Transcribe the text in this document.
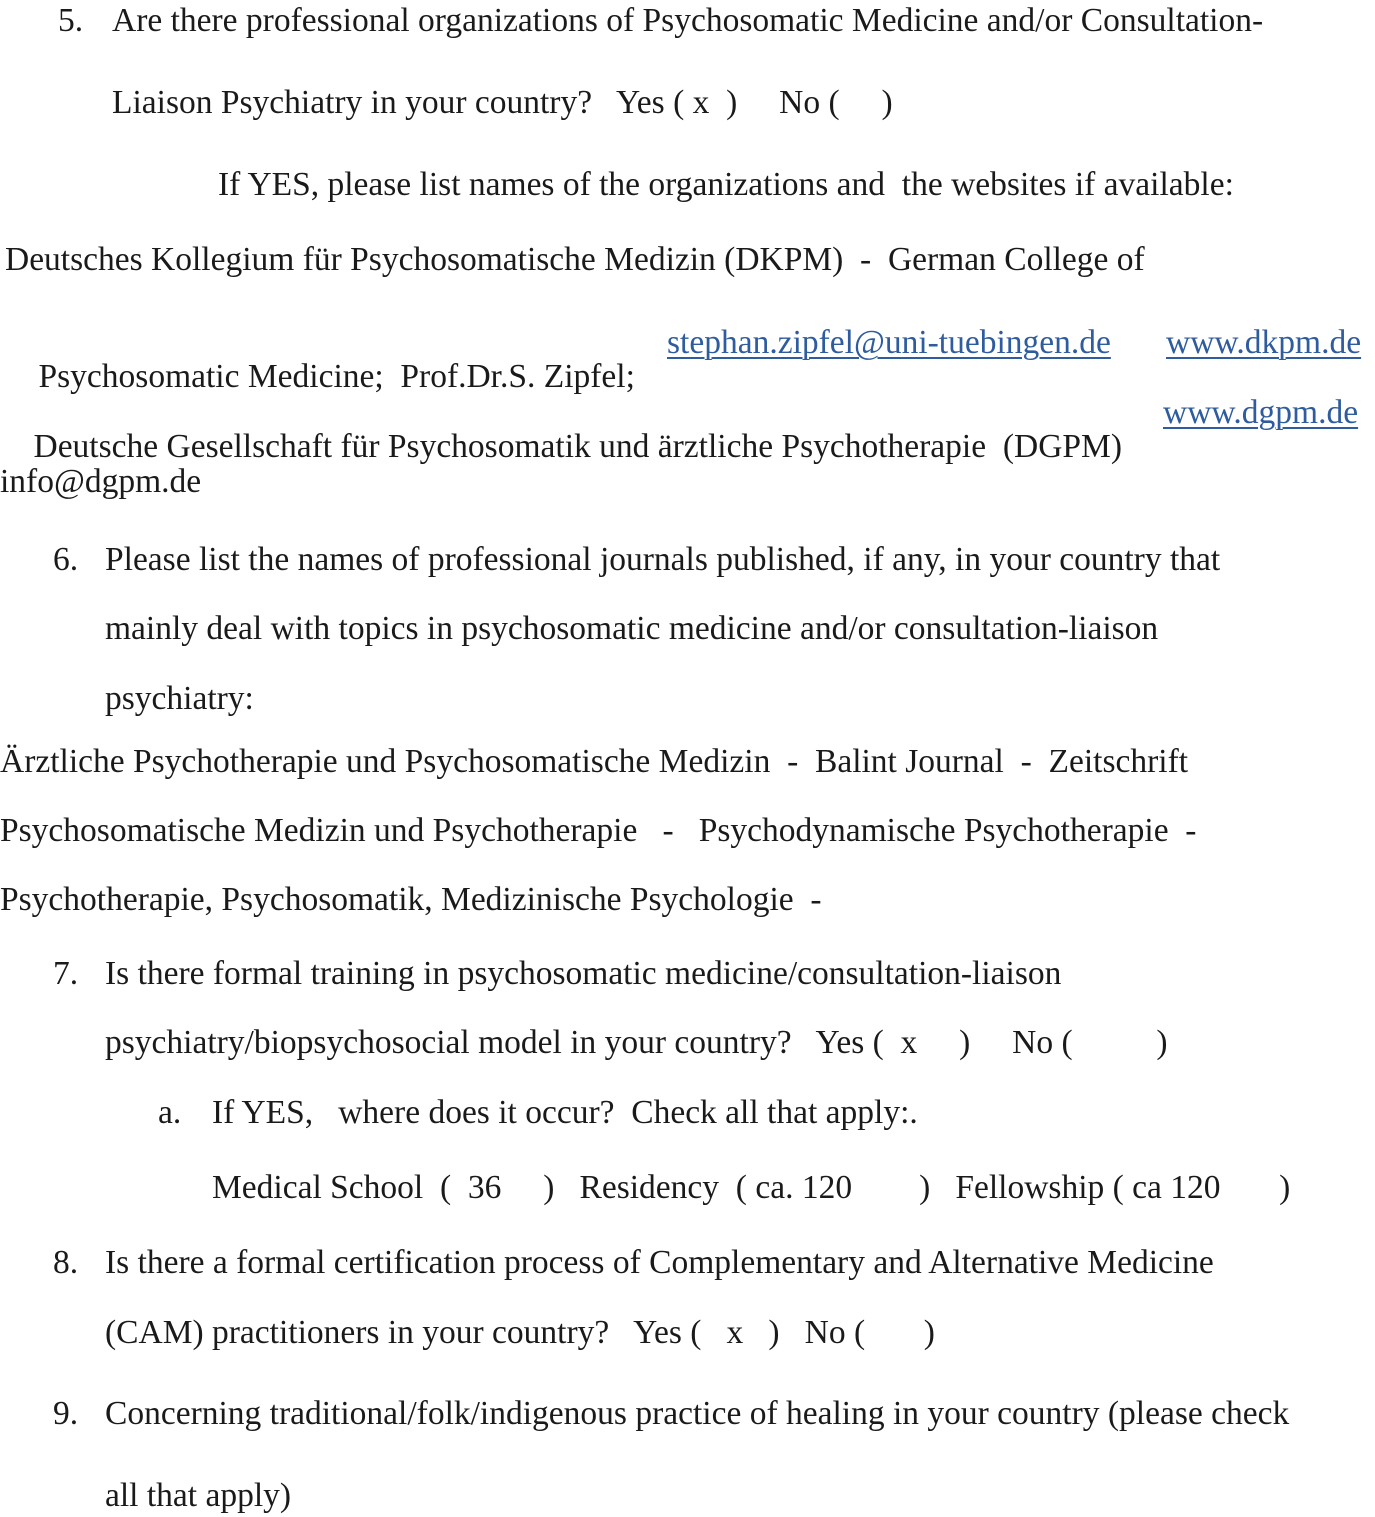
5. Are there professional organizations of Psychosomatic Medicine and/or Consultation-
Liaison Psychiatry in your country?   Yes ( x  )     No (     )
If YES, please list names of the organizations and  the websites if available:
Deutsches Kollegium für Psychosomatische Medizin (DKPM)  -  German College of

Psychosomatic Medicine;  Prof.Dr.S. Zipfel;

stephan.zipfel@uni-tuebingen.de

www.dkpm.de

Deutsche Gesellschaft für Psychosomatik und ärztliche Psychotherapie  (DGPM)

www.dgpm.de

info@dgpm.de
6. Please list the names of professional journals published, if any, in your country that
mainly deal with topics in psychosomatic medicine and/or consultation-liaison
psychiatry:
Ärztliche Psychotherapie und Psychosomatische Medizin  -  Balint Journal  -  Zeitschrift
Psychosomatische Medizin und Psychotherapie   -   Psychodynamische Psychotherapie  -
Psychotherapie, Psychosomatik, Medizinische Psychologie  -
7. Is there formal training in psychosomatic medicine/consultation-liaison
psychiatry/biopsychosocial model in your country?   Yes (  x     )     No (          )
a. If YES,   where does it occur?  Check all that apply:.
Medical School  (  36     )   Residency  ( ca. 120        )   Fellowship ( ca 120       )
8. Is there a formal certification process of Complementary and Alternative Medicine
(CAM) practitioners in your country?   Yes (   x   )   No (       )
9. Concerning traditional/folk/indigenous practice of healing in your country (please check
all that apply)
